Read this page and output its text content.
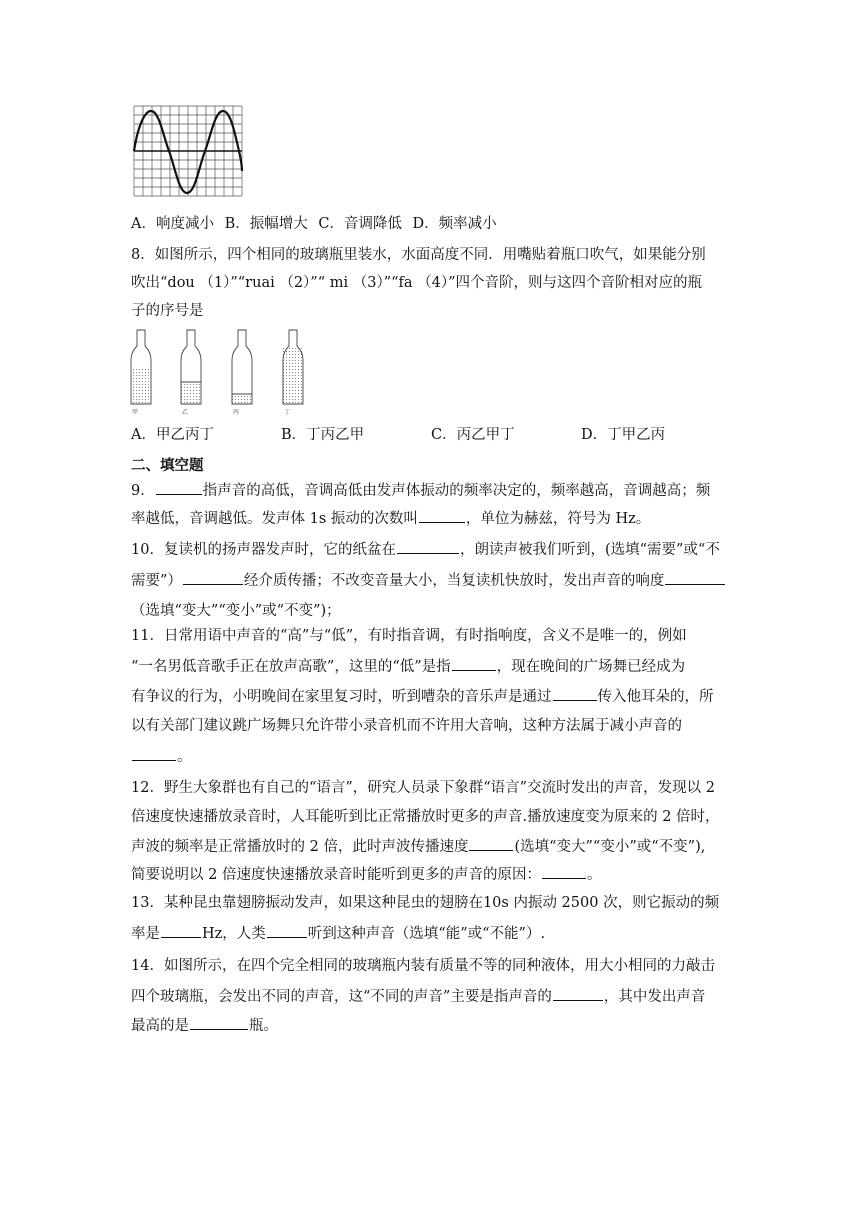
A．响度减小 B．振幅增大 C．音调降低 D．频率减小
8．如图所示，四个相同的玻璃瓶里装水，水面高度不同．用嘴贴着瓶口吹气，如果能分别
吹出“dou （1）”“ruai （2）”“ mi （3）”“fa （4）”四个音阶，则与这四个音阶相对应的瓶
子的序号是
甲	乙	丙	丁
A．甲乙丙丁	B．丁丙乙甲	C．丙乙甲丁	D．丁甲乙丙
二、填空题
9．	指声音的高低，音调高低由发声体振动的频率决定的，频率越高，音调越高；频
率越低，音调越低。发声体 1s 振动的次数叫	，单位为赫兹，符号为 Hz。
10．复读机的扬声器发声时，它的纸盆在	，朗读声被我们听到，(选填“需要”或“不
需要”）	经介质传播；不改变音量大小，当复读机快放时，发出声音的响度
（选填“变大”“变小”或“不变”)；
11．日常用语中声音的“高”与“低”，有时指音调，有时指响度，含义不是唯一的，例如
“一名男低音歌手正在放声高歌”，这里的“低”是指	，现在晚间的广场舞已经成为
有争议的行为，小明晚间在家里复习时，听到嘈杂的音乐声是通过	传入他耳朵的，所
以有关部门建议跳广场舞只允许带小录音机而不许用大音响，这种方法属于减小声音的
。
12．野生大象群也有自己的“语言”，研究人员录下象群“语言”交流时发出的声音，发现以 2
倍速度快速播放录音时，人耳能听到比正常播放时更多的声音.播放速度变为原来的 2 倍时，
声波的频率是正常播放时的 2 倍，此时声波传播速度	(选填“变大”“变小”或“不变”),
简要说明以 2 倍速度快速播放录音时能听到更多的声音的原因：	。
13．某种昆虫靠翅膀振动发声，如果这种昆虫的翅膀在10s 内振动 2500 次，则它振动的频
率是	Hz，人类	听到这种声音（选填“能”或“不能”）.
14．如图所示，在四个完全相同的玻璃瓶内装有质量不等的同种液体，用大小相同的力敲击
四个玻璃瓶，会发出不同的声音，这“不同的声音”主要是指声音的	，其中发出声音
最高的是	瓶。
